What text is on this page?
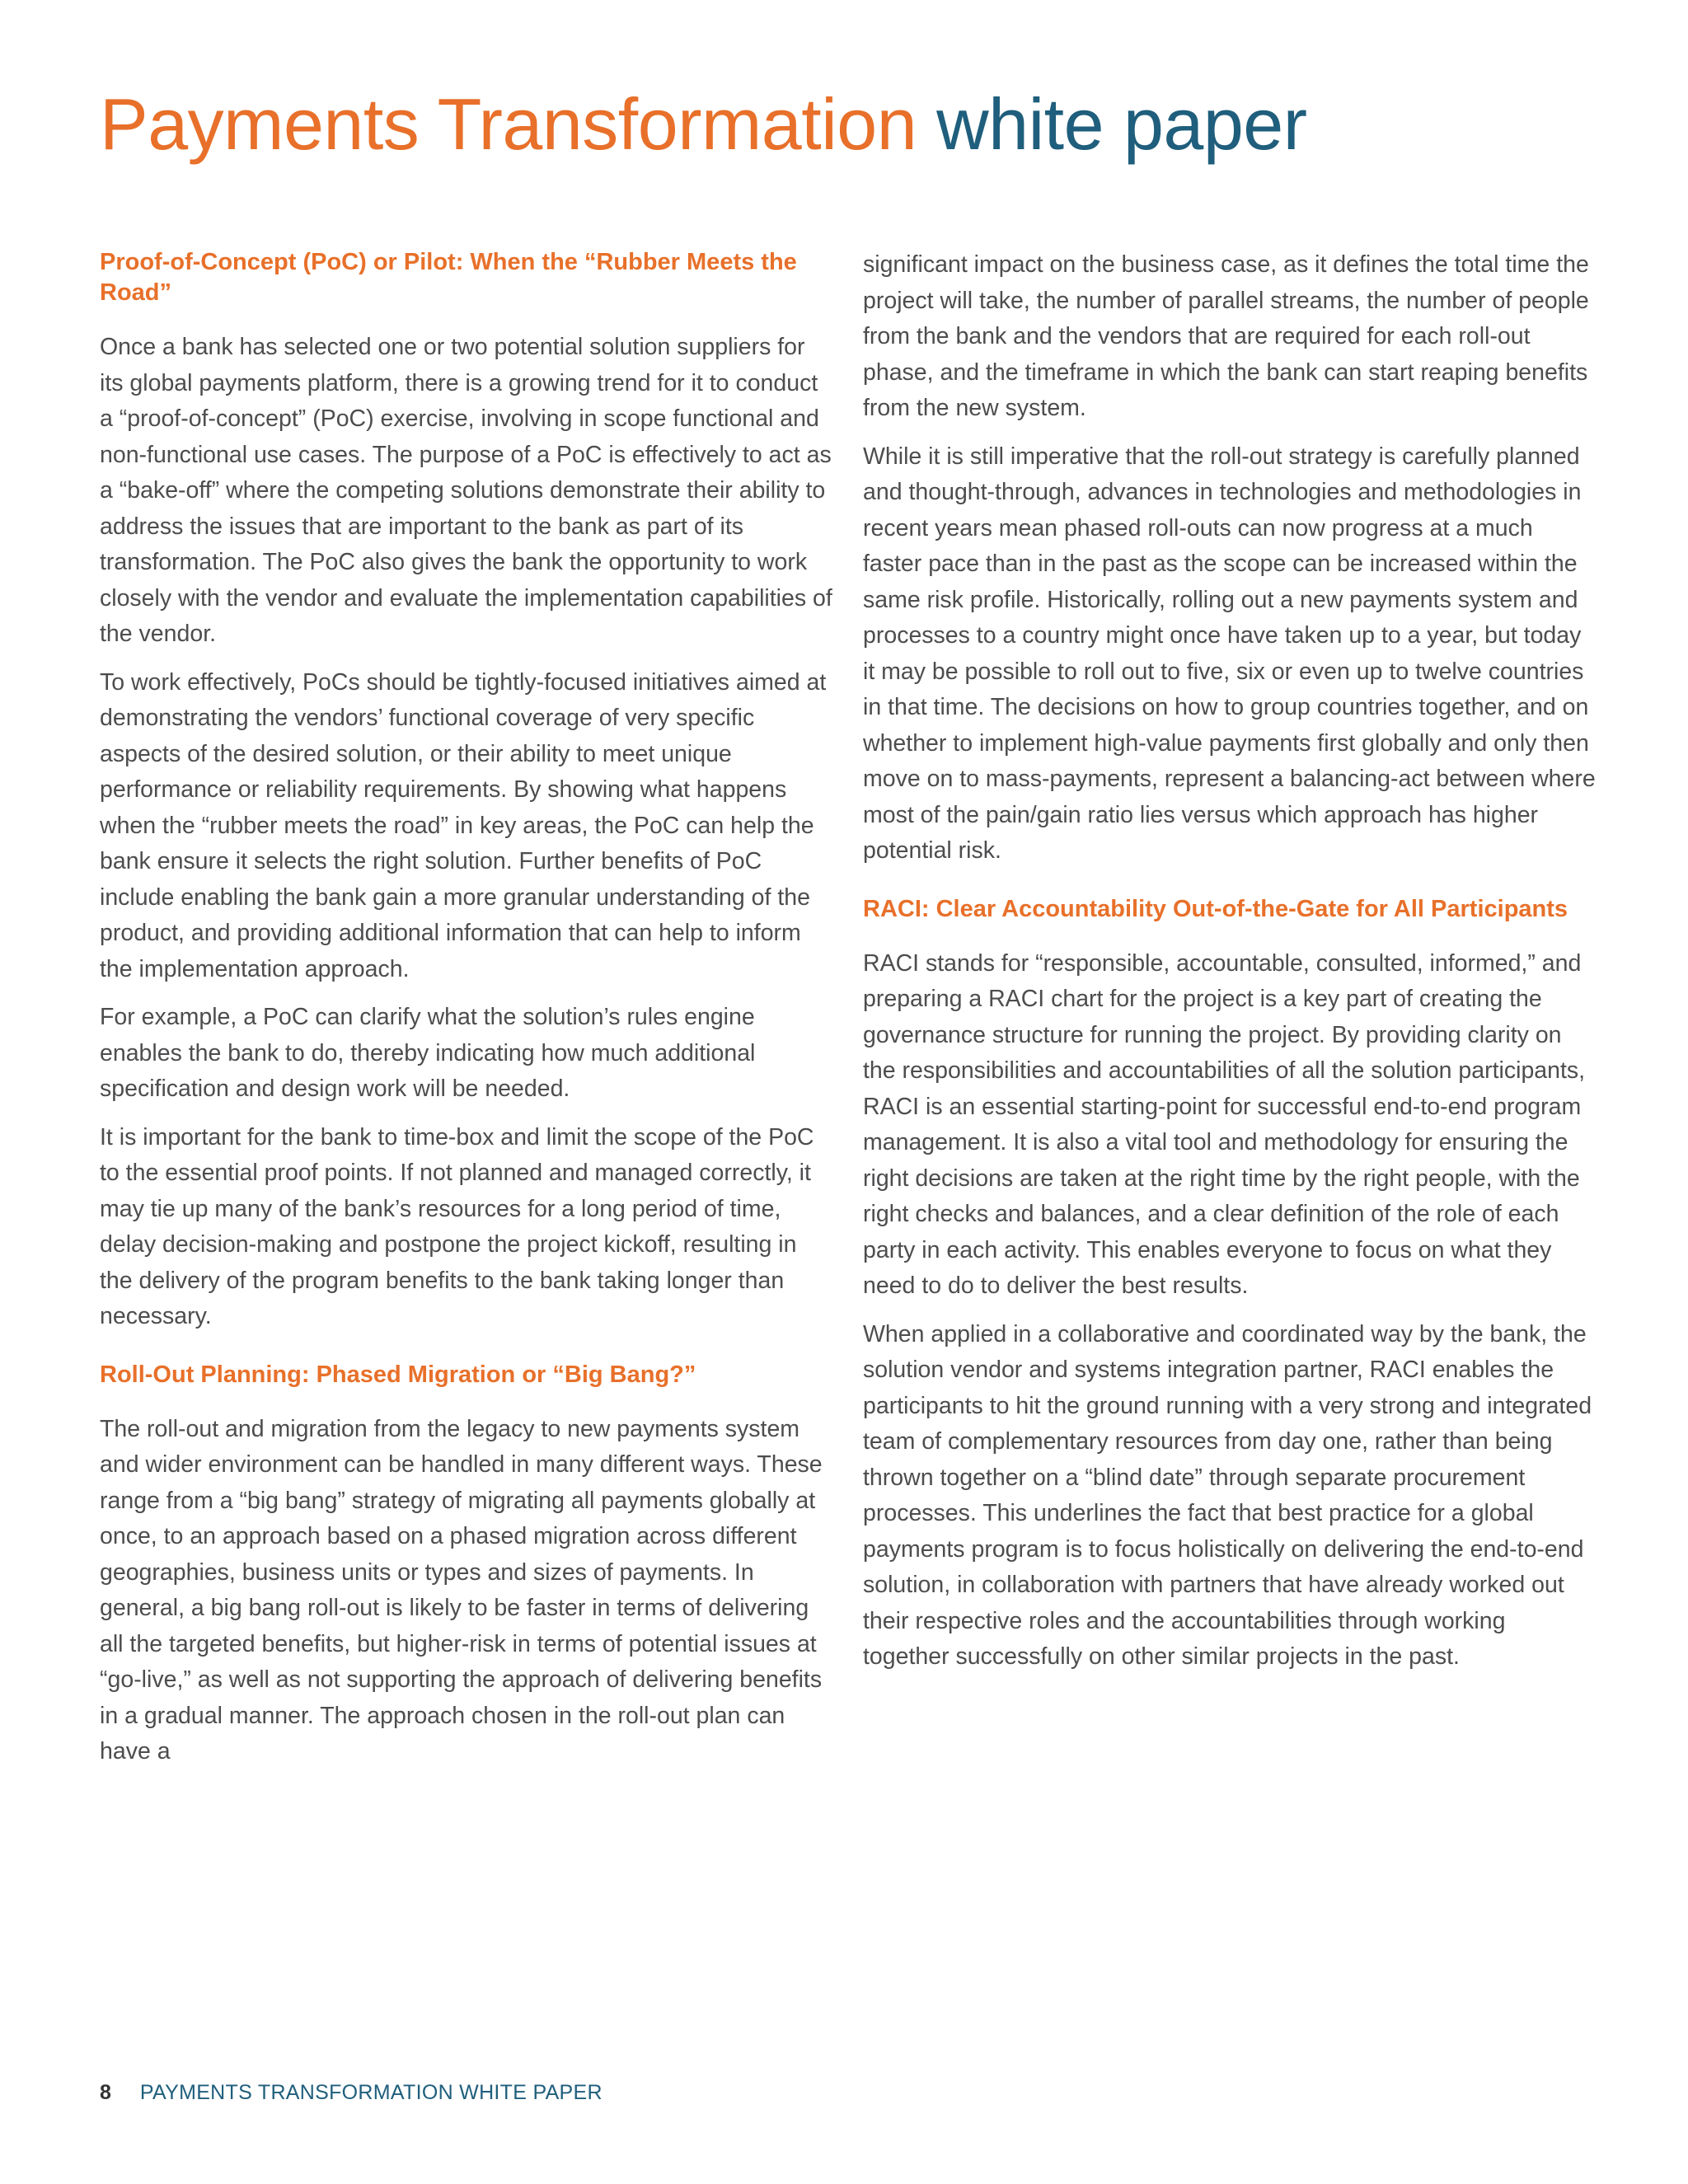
Payments Transformation white paper
Proof-of-Concept (PoC) or Pilot: When the “Rubber Meets the Road”

Once a bank has selected one or two potential solution suppliers for its global payments platform, there is a growing trend for it to conduct a “proof-of-concept” (PoC) exercise, involving in scope functional and non-functional use cases. The purpose of a PoC is effectively to act as a “bake-off” where the competing solutions demonstrate their ability to address the issues that are important to the bank as part of its transformation. The PoC also gives the bank the opportunity to work closely with the vendor and evaluate the implementation capabilities of the vendor.

To work effectively, PoCs should be tightly-focused initiatives aimed at demonstrating the vendors’ functional coverage of very specific aspects of the desired solution, or their ability to meet unique performance or reliability requirements. By showing what happens when the “rubber meets the road” in key areas, the PoC can help the bank ensure it selects the right solution. Further benefits of PoC include enabling the bank gain a more granular understanding of the product, and providing additional information that can help to inform the implementation approach.

For example, a PoC can clarify what the solution’s rules engine enables the bank to do, thereby indicating how much additional specification and design work will be needed.

It is important for the bank to time-box and limit the scope of the PoC to the essential proof points. If not planned and managed correctly, it may tie up many of the bank’s resources for a long period of time, delay decision-making and postpone the project kickoff, resulting in the delivery of the program benefits to the bank taking longer than necessary.

Roll-Out Planning: Phased Migration or “Big Bang?”

The roll-out and migration from the legacy to new payments system and wider environment can be handled in many different ways. These range from a “big bang” strategy of migrating all payments globally at once, to an approach based on a phased migration across different geographies, business units or types and sizes of payments. In general, a big bang roll-out is likely to be faster in terms of delivering all the targeted benefits, but higher-risk in terms of potential issues at “go-live,” as well as not supporting the approach of delivering benefits in a gradual manner. The approach chosen in the roll-out plan can have a

significant impact on the business case, as it defines the total time the project will take, the number of parallel streams, the number of people from the bank and the vendors that are required for each roll-out phase, and the timeframe in which the bank can start reaping benefits from the new system.

While it is still imperative that the roll-out strategy is carefully planned and thought-through, advances in technologies and methodologies in recent years mean phased roll-outs can now progress at a much faster pace than in the past as the scope can be increased within the same risk profile. Historically, rolling out a new payments system and processes to a country might once have taken up to a year, but today it may be possible to roll out to five, six or even up to twelve countries in that time. The decisions on how to group countries together, and on whether to implement high-value payments first globally and only then move on to mass-payments, represent a balancing-act between where most of the pain/gain ratio lies versus which approach has higher potential risk.

RACI: Clear Accountability Out-of-the-Gate for All Participants

RACI stands for “responsible, accountable, consulted, informed,” and preparing a RACI chart for the project is a key part of creating the governance structure for running the project. By providing clarity on the responsibilities and accountabilities of all the solution participants, RACI is an essential starting-point for successful end-to-end program management. It is also a vital tool and methodology for ensuring the right decisions are taken at the right time by the right people, with the right checks and balances, and a clear definition of the role of each party in each activity. This enables everyone to focus on what they need to do to deliver the best results.

When applied in a collaborative and coordinated way by the bank, the solution vendor and systems integration partner, RACI enables the participants to hit the ground running with a very strong and integrated team of complementary resources from day one, rather than being thrown together on a “blind date” through separate procurement processes. This underlines the fact that best practice for a global payments program is to focus holistically on delivering the end-to-end solution, in collaboration with partners that have already worked out their respective roles and the accountabilities through working together successfully on other similar projects in the past.

8 PAYMENTS TRANSFORMATION WHITE PAPER
